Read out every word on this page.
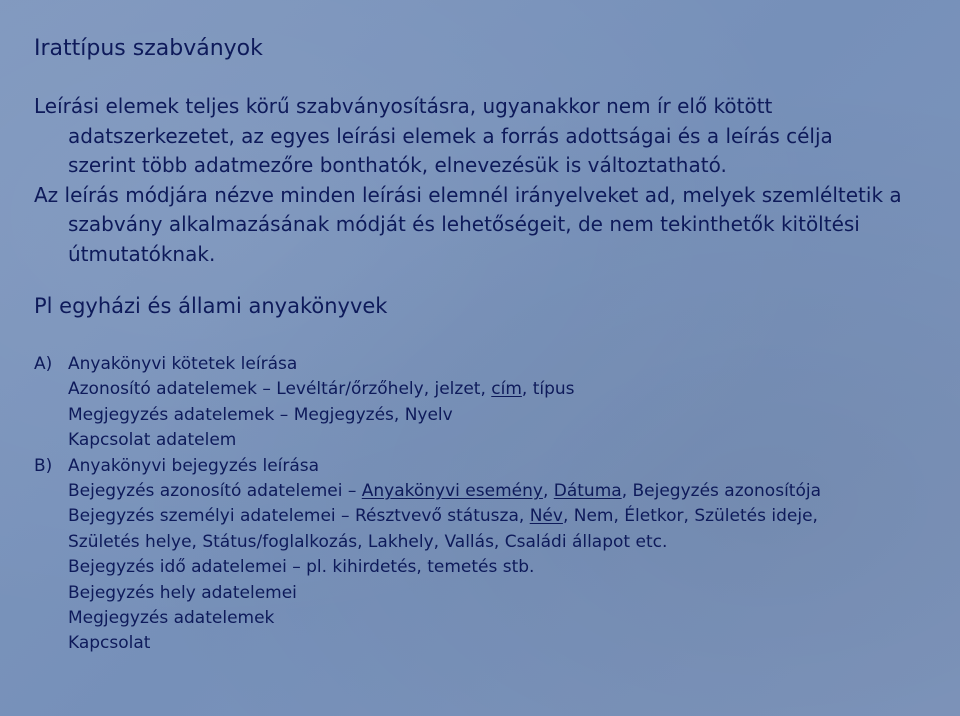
Irattípus szabványok
Leírási elemek teljes körű szabványosításra, ugyanakkor nem ír elő kötött
adatszerkezetet, az egyes leírási elemek a forrás adottságai és a leírás célja
szerint több adatmezőre bonthatók, elnevezésük is változtatható.
Az leírás módjára nézve minden leírási elemnél irányelveket ad, melyek szemléltetik a
szabvány alkalmazásának módját és lehetőségeit, de nem tekinthetők kitöltési
útmutatóknak.
Pl egyházi és állami anyakönyvek
A) Anyakönyvi kötetek leírása
Azonosító adatelemek – Levéltár/őrzőhely, jelzet, cím, típus
Megjegyzés adatelemek – Megjegyzés, Nyelv
Kapcsolat adatelem
B) Anyakönyvi bejegyzés leírása
Bejegyzés azonosító adatelemei – Anyakönyvi esemény, Dátuma, Bejegyzés azonosítója
Bejegyzés személyi adatelemei – Résztvevő státusza, Név, Nem, Életkor, Születés ideje,
Születés helye, Státus/foglalkozás, Lakhely, Vallás, Családi állapot etc.
Bejegyzés idő adatelemei – pl. kihirdetés, temetés stb.
Bejegyzés hely adatelemei
Megjegyzés adatelemek
Kapcsolat
